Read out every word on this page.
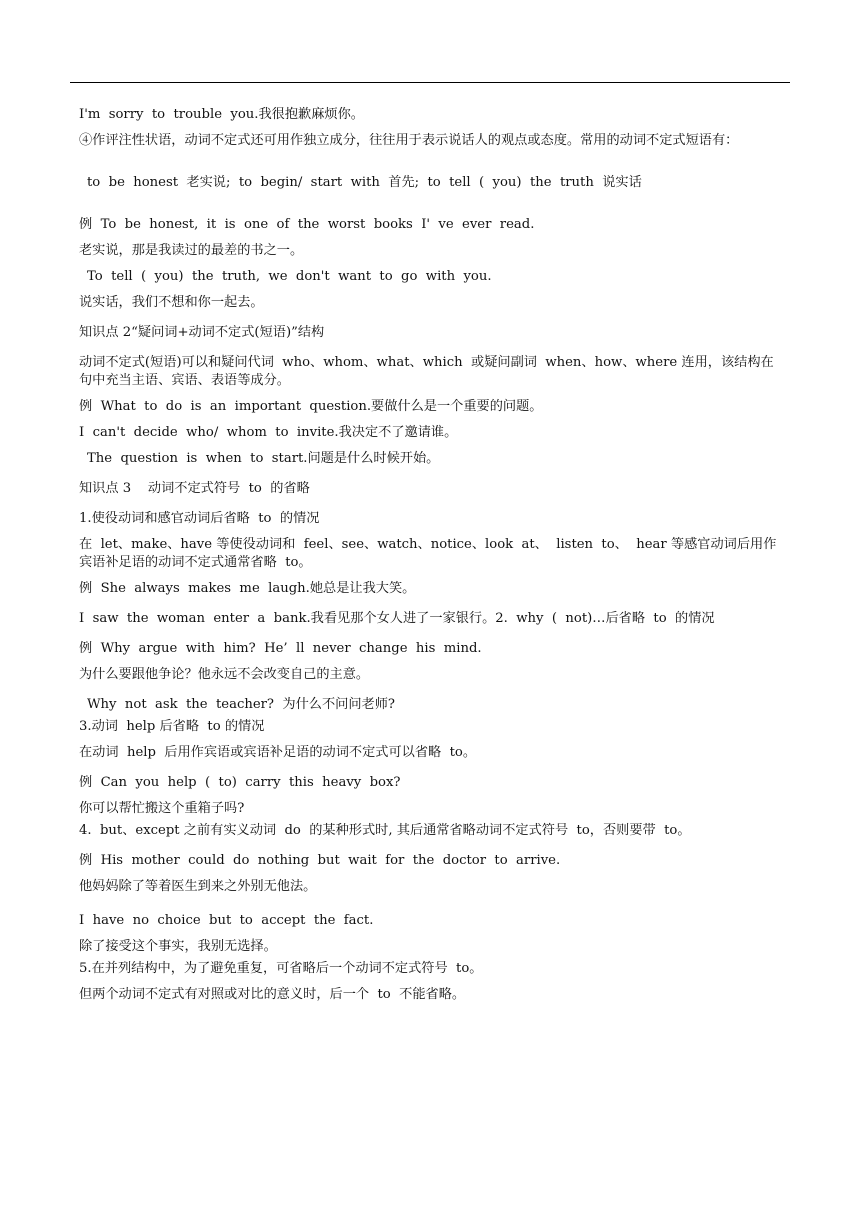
I'm  sorry  to  trouble  you.我很抱歉麻烦你。
④作评注性状语，动词不定式还可用作独立成分，往往用于表示说话人的观点或态度。常用的动词不定式短语有：
to  be  honest  老实说;  to  begin/  start  with  首先;  to  tell  (  you)  the  truth  说实话
例  To  be  honest,  it  is  one  of  the  worst  books  I'  ve  ever  read.
老实说，那是我读过的最差的书之一。
To  tell  (  you)  the  truth,  we  don't  want  to  go  with  you.
说实话，我们不想和你一起去。
知识点 2“疑问词+动词不定式(短语)”结构
动词不定式(短语)可以和疑问代词  who、whom、what、which  或疑问副词  when、how、where 连用，该结构在句中充当主语、宾语、表语等成分。
例  What  to  do  is  an  important  question.要做什么是一个重要的问题。
I  can't  decide  who/  whom  to  invite.我决定不了邀请谁。
The  question  is  when  to  start.问题是什么时候开始。
知识点 3    动词不定式符号  to  的省略
1.使役动词和感官动词后省略  to  的情况
在  let、make、have 等使役动词和  feel、see、watch、notice、look  at、  listen  to、  hear 等感官动词后用作宾语补足语的动词不定式通常省略  to。
例  She  always  makes  me  laugh.她总是让我大笑。
I  saw  the  woman  enter  a  bank.我看见那个女人进了一家银行。2.  why  (  not)…后省略  to  的情况
例  Why  argue  with  him?  He’  ll  never  change  his  mind.
为什么要跟他争论？他永远不会改变自己的主意。
Why  not  ask  the  teacher?  为什么不问问老师?
3.动词  help 后省略  to 的情况
在动词  help  后用作宾语或宾语补足语的动词不定式可以省略  to。
例  Can  you  help  (  to)  carry  this  heavy  box?
你可以帮忙搬这个重箱子吗?
4.  but、except 之前有实义动词  do  的某种形式时, 其后通常省略动词不定式符号  to，否则要带  to。
例  His  mother  could  do  nothing  but  wait  for  the  doctor  to  arrive.
他妈妈除了等着医生到来之外别无他法。
I  have  no  choice  but  to  accept  the  fact.
除了接受这个事实，我别无选择。
5.在并列结构中，为了避免重复，可省略后一个动词不定式符号  to。
但两个动词不定式有对照或对比的意义时，后一个  to  不能省略。
